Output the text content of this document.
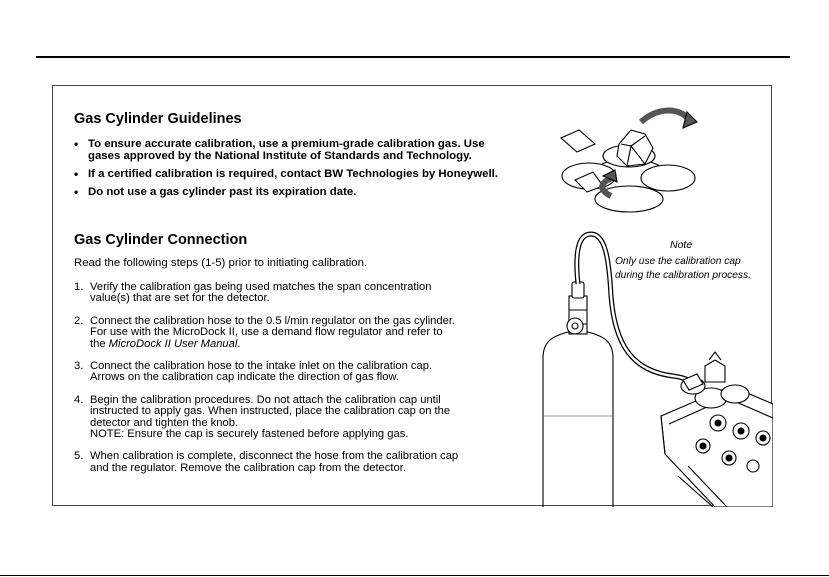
Gas Cylinder Guidelines
• To ensure accurate calibration, use a premium-grade calibration gas. Use
gases approved by the National Institute of Standards and Technology.
• If a certified calibration is required, contact BW Technologies by Honeywell.
• Do not use a gas cylinder past its expiration date.
Gas Cylinder Connection

Read the following steps (1-5) prior to initiating calibration.

1. Verify the calibration gas being used matches the span concentration
value(s) that are set for the detector.
2. Connect the calibration hose to the 0.5 l/min regulator on the gas cylinder.
For use with the MicroDock II, use a demand flow regulator and refer to
the MicroDock II User Manual.
3. Connect the calibration hose to the intake inlet on the calibration cap.
Arrows on the calibration cap indicate the direction of gas flow.
4. Begin the calibration procedures. Do not attach the calibration cap until
instructed to apply gas. When instructed, place the calibration cap on the
detector and tighten the knob.
NOTE: Ensure the cap is securely fastened before applying gas.
5. When calibration is complete, disconnect the hose from the calibration cap
and the regulator. Remove the calibration cap from the detector.
Note
Only use the calibration cap
during the calibration process.
